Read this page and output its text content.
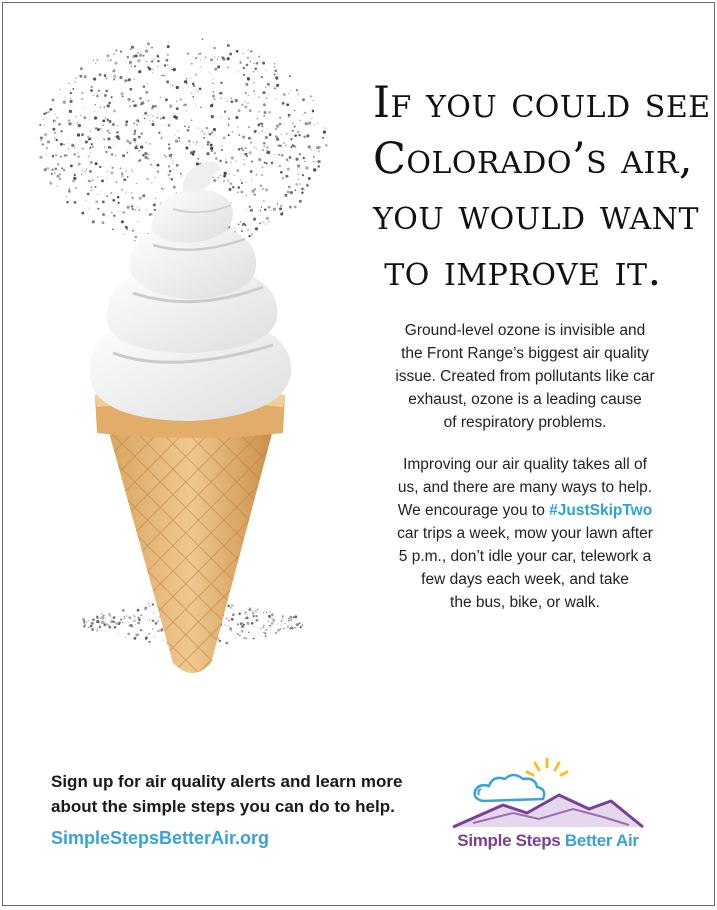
If you could see
Colorado’s air,
you would want
to improve it.

Ground-level ozone is invisible and
the Front Range’s biggest air quality
issue. Created from pollutants like car
exhaust, ozone is a leading cause
of respiratory problems.

Improving our air quality takes all of
us, and there are many ways to help.
We encourage you to #JustSkipTwo
car trips a week, mow your lawn after
5 p.m., don’t idle your car, telework a
few days each week, and take
the bus, bike, or walk.

Sign up for air quality alerts and learn more
about the simple steps you can do to help.
SimpleStepsBetterAir.org	Simple Steps Better Air
